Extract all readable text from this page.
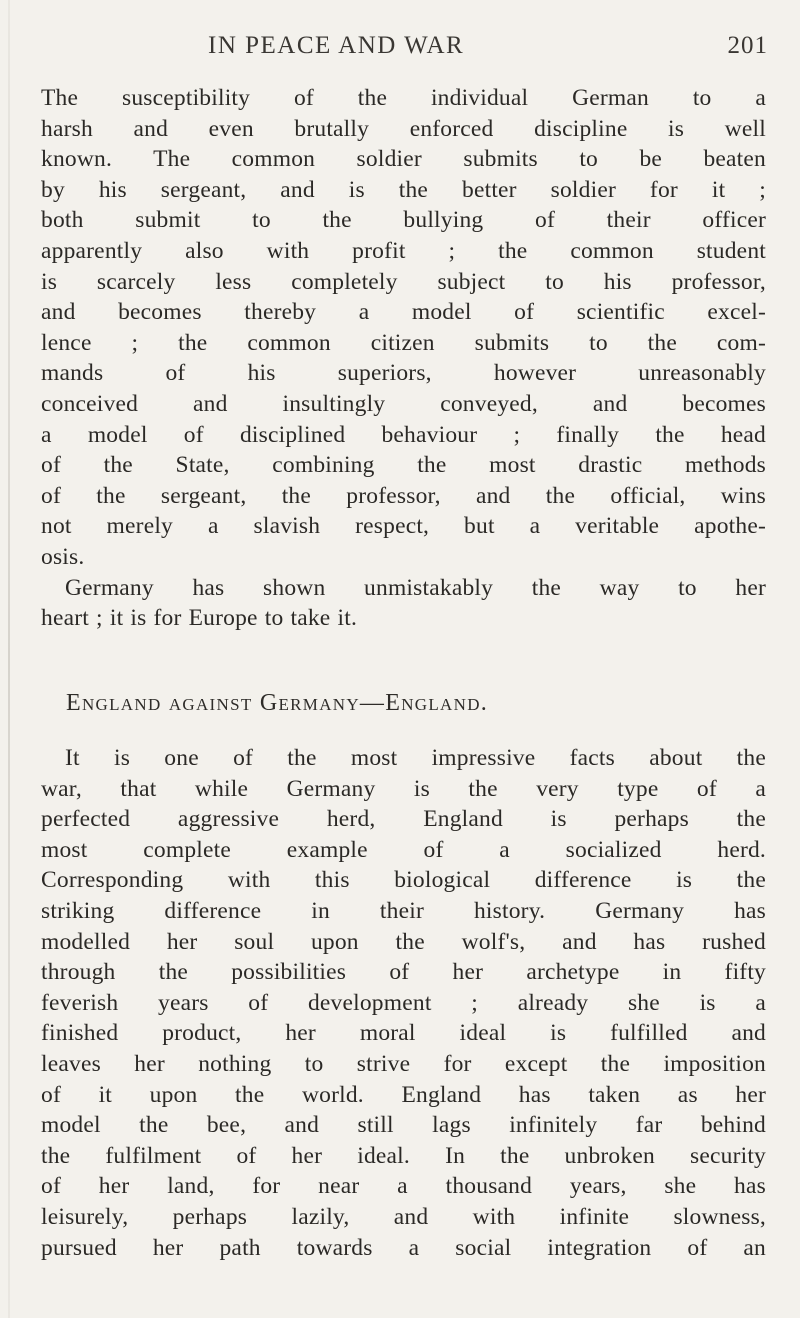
IN PEACE AND WAR	201
The susceptibility of the individual German to a
harsh and even brutally enforced discipline is well
known. The common soldier submits to be beaten
by his sergeant, and is the better soldier for it ;
both submit to the bullying of their officer
apparently also with profit ; the common student
is scarcely less completely subject to his professor,
and becomes thereby a model of scientific excel-
lence ; the common citizen submits to the com-
mands of his superiors, however unreasonably
conceived and insultingly conveyed, and becomes
a model of disciplined behaviour ; finally the head
of the State, combining the most drastic methods
of the sergeant, the professor, and the official, wins
not merely a slavish respect, but a veritable apothe-
osis.
Germany has shown unmistakably the way to her
heart ; it is for Europe to take it.
England against Germany—England.
It is one of the most impressive facts about the
war, that while Germany is the very type of a
perfected aggressive herd, England is perhaps the
most complete example of a socialized herd.
Corresponding with this biological difference is the
striking difference in their history. Germany has
modelled her soul upon the wolf's, and has rushed
through the possibilities of her archetype in fifty
feverish years of development ; already she is a
finished product, her moral ideal is fulfilled and
leaves her nothing to strive for except the imposition
of it upon the world. England has taken as her
model the bee, and still lags infinitely far behind
the fulfilment of her ideal. In the unbroken security
of her land, for near a thousand years, she has
leisurely, perhaps lazily, and with infinite slowness,
pursued her path towards a social integration of an
